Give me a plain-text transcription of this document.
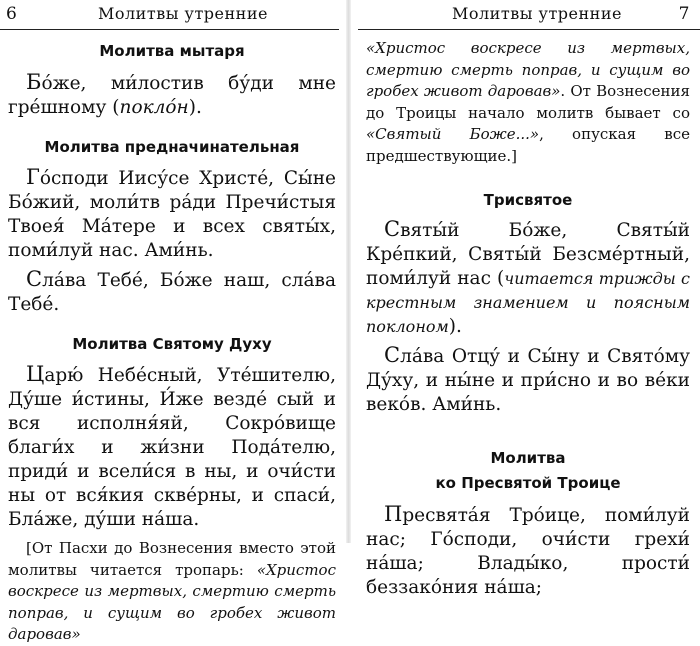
6	Молитвы утренние
Молитва мытаря

Бо́же, ми́лостив бу́ди мне гре́шному (покло́н).

Молитва предначинательная

Го́споди Иису́се Христе́, Сы́не Бо́жий, моли́тв ра́ди Пречи́стыя Твоея́ Ма́тере и всех святы́х, поми́луй нас. Ами́нь.

Сла́ва Тебе́, Бо́же наш, сла́ва Тебе́.

Молитва Святому Духу

Царю́ Небе́сный, Уте́шителю, Ду́ше и́стины, И́же везде́ сый и вся исполня́яй, Сокро́вище благи́х и жи́зни Пода́телю, приди́ и всели́ся в ны, и очи́сти ны от вся́кия скве́рны, и спаси́, Бла́же, ду́ши на́ша.

[От Пасхи до Вознесения вместо этой молитвы читается тропарь: «Христос воскресе из мертвых, смертию смерть поправ, и сущим во гробех живот даровав»

Молитвы утренние	7

«Христос воскресе из мертвых, смертию смерть поправ, и сущим во гробех живот даровав». От Вознесения до Троицы начало молитв бывает со «Святый Боже...», опуская все предшествующие.]

Трисвятое

Святы́й Бо́же, Святы́й Кре́пкий, Святы́й Безсме́ртный, поми́луй нас (читается трижды с крестным знамением и поясным поклоном).

Сла́ва Отцу́ и Сы́ну и Свято́му Ду́ху, и ны́не и при́сно и во ве́ки веко́в. Ами́нь.

Молитва
ко Пресвятой Троице

Пресвята́я Тро́ице, поми́луй нас; Го́споди, очи́сти грехи́ на́ша; Влады́ко, прости́ беззако́ния на́ша;
